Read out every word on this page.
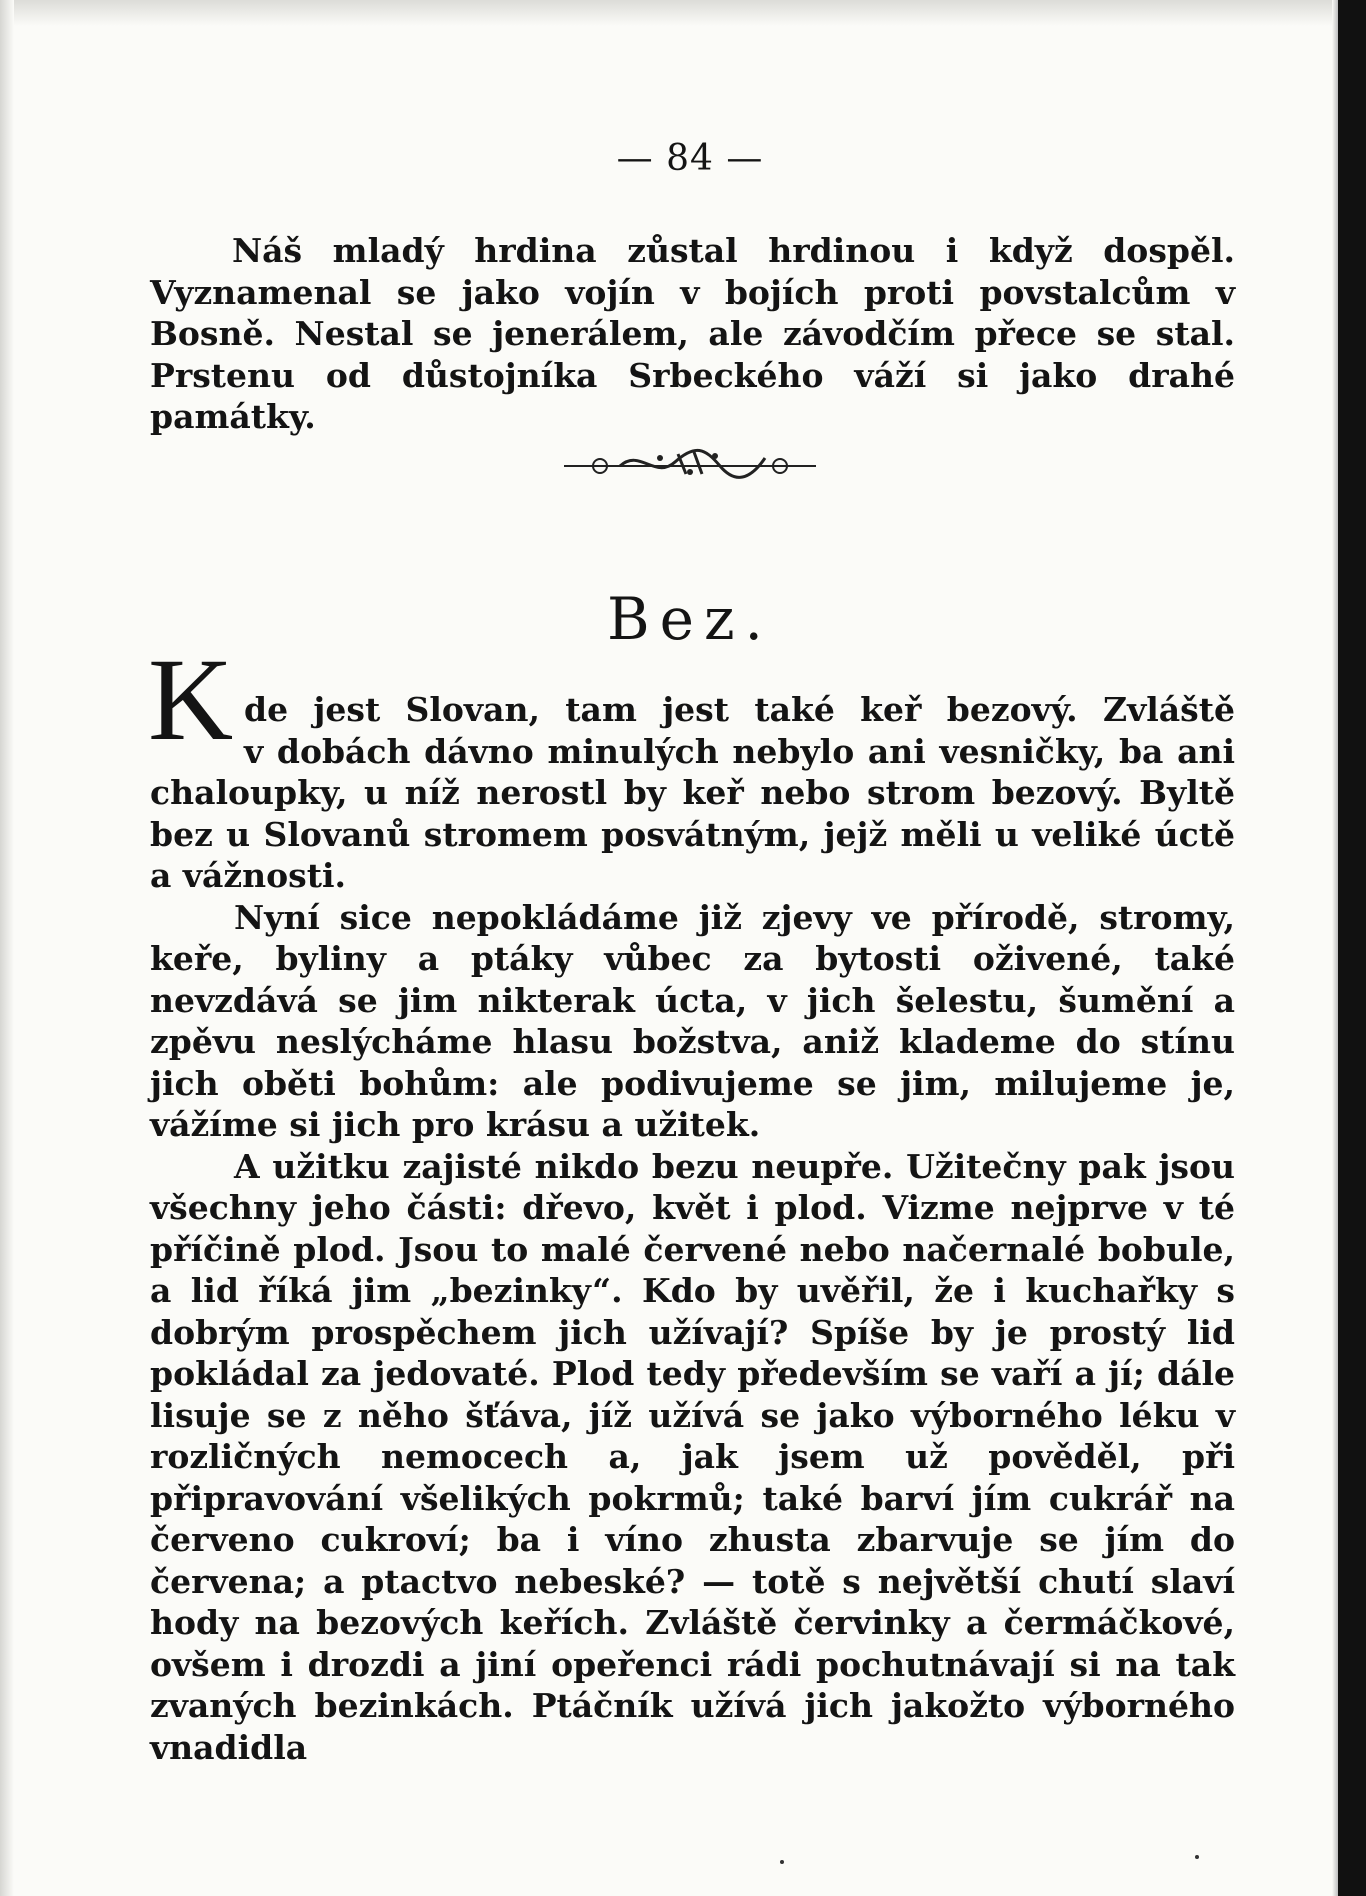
— 84 —

Náš mladý hrdina zůstal hrdinou i když dospěl. Vyznamenal se jako vojín v bojích proti povstalcům v Bosně. Nestal se jenerálem, ale závodčím přece se stal. Prstenu od důstojníka Srbeckého váží si jako drahé památky.

Bez.
K de jest Slovan, tam jest také keř bezový. Zvláště
v dobách dávno minulých nebylo ani vesničky, ba ani

chaloupky, u níž nerostl by keř nebo strom bezový. Byltě bez u Slovanů stromem posvátným, jejž měli u veliké úctě a vážnosti.

Nyní sice nepokládáme již zjevy ve přírodě, stromy, keře, byliny a ptáky vůbec za bytosti oživené, také nevzdává se jim nikterak úcta, v jich šelestu, šumění a zpěvu neslýcháme hlasu božstva, aniž klademe do stínu jich oběti bohům: ale podivujeme se jim, milujeme je, vážíme si jich pro krásu a užitek.

A užitku zajisté nikdo bezu neupře. Užitečny pak jsou všechny jeho části: dřevo, květ i plod. Vizme nejprve v té příčině plod. Jsou to malé červené nebo načernalé bobule, a lid říká jim „bezinky“. Kdo by uvěřil, že i kuchařky s dobrým prospěchem jich užívají? Spíše by je prostý lid pokládal za jedovaté. Plod tedy především se vaří a jí; dále lisuje se z něho šťáva, jíž užívá se jako výborného léku v rozličných nemocech a, jak jsem už pověděl, při připravování všelikých pokrmů; také barví jím cukrář na červeno cukroví; ba i víno zhusta zbarvuje se jím do červena; a ptactvo nebeské? — totě s největší chutí slaví hody na bezových keřích. Zvláště červinky a čermáčkové, ovšem i drozdi a jiní opeřenci rádi pochutnávají si na tak zvaných bezinkách. Ptáčník užívá jich jakožto výborného vnadidla
